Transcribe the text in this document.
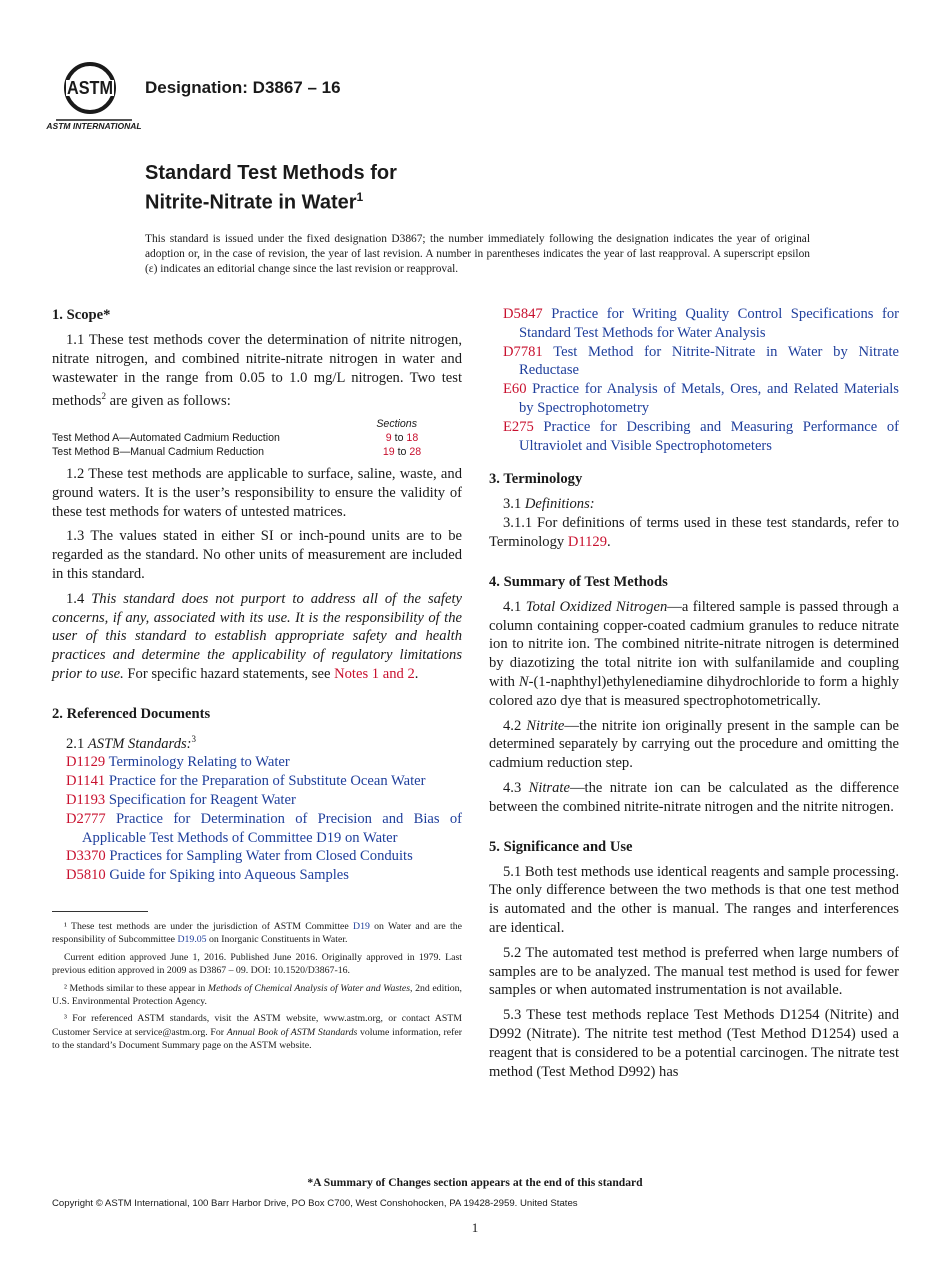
ASTM
ASTM INTERNATIONAL
Designation: D3867 – 16
Standard Test Methods for
Nitrite-Nitrate in Water$^1$
This standard is issued under the fixed designation D3867; the number immediately following the designation indicates the year of original adoption or, in the case of revision, the year of last revision. A number in parentheses indicates the year of last reapproval. A superscript epsilon (ε) indicates an editorial change since the last revision or reapproval.
1. Scope*

1.1 These test methods cover the determination of nitrite nitrogen, nitrate nitrogen, and combined nitrite-nitrate nitrogen in water and wastewater in the range from 0.05 to 1.0 mg/L nitrogen. Two test methods$^2$ are given as follows:

	Sections
Test Method A—Automated Cadmium Reduction	9 to 18
Test Method B—Manual Cadmium Reduction	19 to 28

1.2 These test methods are applicable to surface, saline, waste, and ground waters. It is the user’s responsibility to ensure the validity of these test methods for waters of untested matrices.

1.3 The values stated in either SI or inch-pound units are to be regarded as the standard. No other units of measurement are included in this standard.

1.4 This standard does not purport to address all of the safety concerns, if any, associated with its use. It is the responsibility of the user of this standard to establish appropriate safety and health practices and determine the applicability of regulatory limitations prior to use. For specific hazard statements, see Notes 1 and 2.

2. Referenced Documents
2.1 ASTM Standards:$^3$
D1129 Terminology Relating to Water
D1141 Practice for the Preparation of Substitute Ocean Water
D1193 Specification for Reagent Water
D2777 Practice for Determination of Precision and Bias of Applicable Test Methods of Committee D19 on Water
D3370 Practices for Sampling Water from Closed Conduits
D5810 Guide for Spiking into Aqueous Samples
¹ These test methods are under the jurisdiction of ASTM Committee D19 on Water and are the responsibility of Subcommittee D19.05 on Inorganic Constituents in Water.
Current edition approved June 1, 2016. Published June 2016. Originally approved in 1979. Last previous edition approved in 2009 as D3867 – 09. DOI: 10.1520/D3867-16.
² Methods similar to these appear in Methods of Chemical Analysis of Water and Wastes, 2nd edition, U.S. Environmental Protection Agency.
³ For referenced ASTM standards, visit the ASTM website, www.astm.org, or contact ASTM Customer Service at service@astm.org. For Annual Book of ASTM Standards volume information, refer to the standard’s Document Summary page on the ASTM website.
D5847 Practice for Writing Quality Control Specifications for Standard Test Methods for Water Analysis
D7781 Test Method for Nitrite-Nitrate in Water by Nitrate Reductase
E60 Practice for Analysis of Metals, Ores, and Related Materials by Spectrophotometry
E275 Practice for Describing and Measuring Performance of Ultraviolet and Visible Spectrophotometers
3. Terminology
3.1 Definitions:

3.1.1 For definitions of terms used in these test standards, refer to Terminology D1129.

4. Summary of Test Methods

4.1 Total Oxidized Nitrogen—a filtered sample is passed through a column containing copper-coated cadmium granules to reduce nitrate ion to nitrite ion. The combined nitrite-nitrate nitrogen is determined by diazotizing the total nitrite ion with sulfanilamide and coupling with N-(1-naphthyl)ethylenediamine dihydrochloride to form a highly colored azo dye that is measured spectrophotometrically.

4.2 Nitrite—the nitrite ion originally present in the sample can be determined separately by carrying out the procedure and omitting the cadmium reduction step.

4.3 Nitrate—the nitrate ion can be calculated as the difference between the combined nitrite-nitrate nitrogen and the nitrite nitrogen.

5. Significance and Use

5.1 Both test methods use identical reagents and sample processing. The only difference between the two methods is that one test method is automated and the other is manual. The ranges and interferences are identical.

5.2 The automated test method is preferred when large numbers of samples are to be analyzed. The manual test method is used for fewer samples or when automated instrumentation is not available.

5.3 These test methods replace Test Methods D1254 (Nitrite) and D992 (Nitrate). The nitrite test method (Test Method D1254) used a reagent that is considered to be a potential carcinogen. The nitrate test method (Test Method D992) has

*A Summary of Changes section appears at the end of this standard
Copyright © ASTM International, 100 Barr Harbor Drive, PO Box C700, West Conshohocken, PA 19428-2959. United States
1
